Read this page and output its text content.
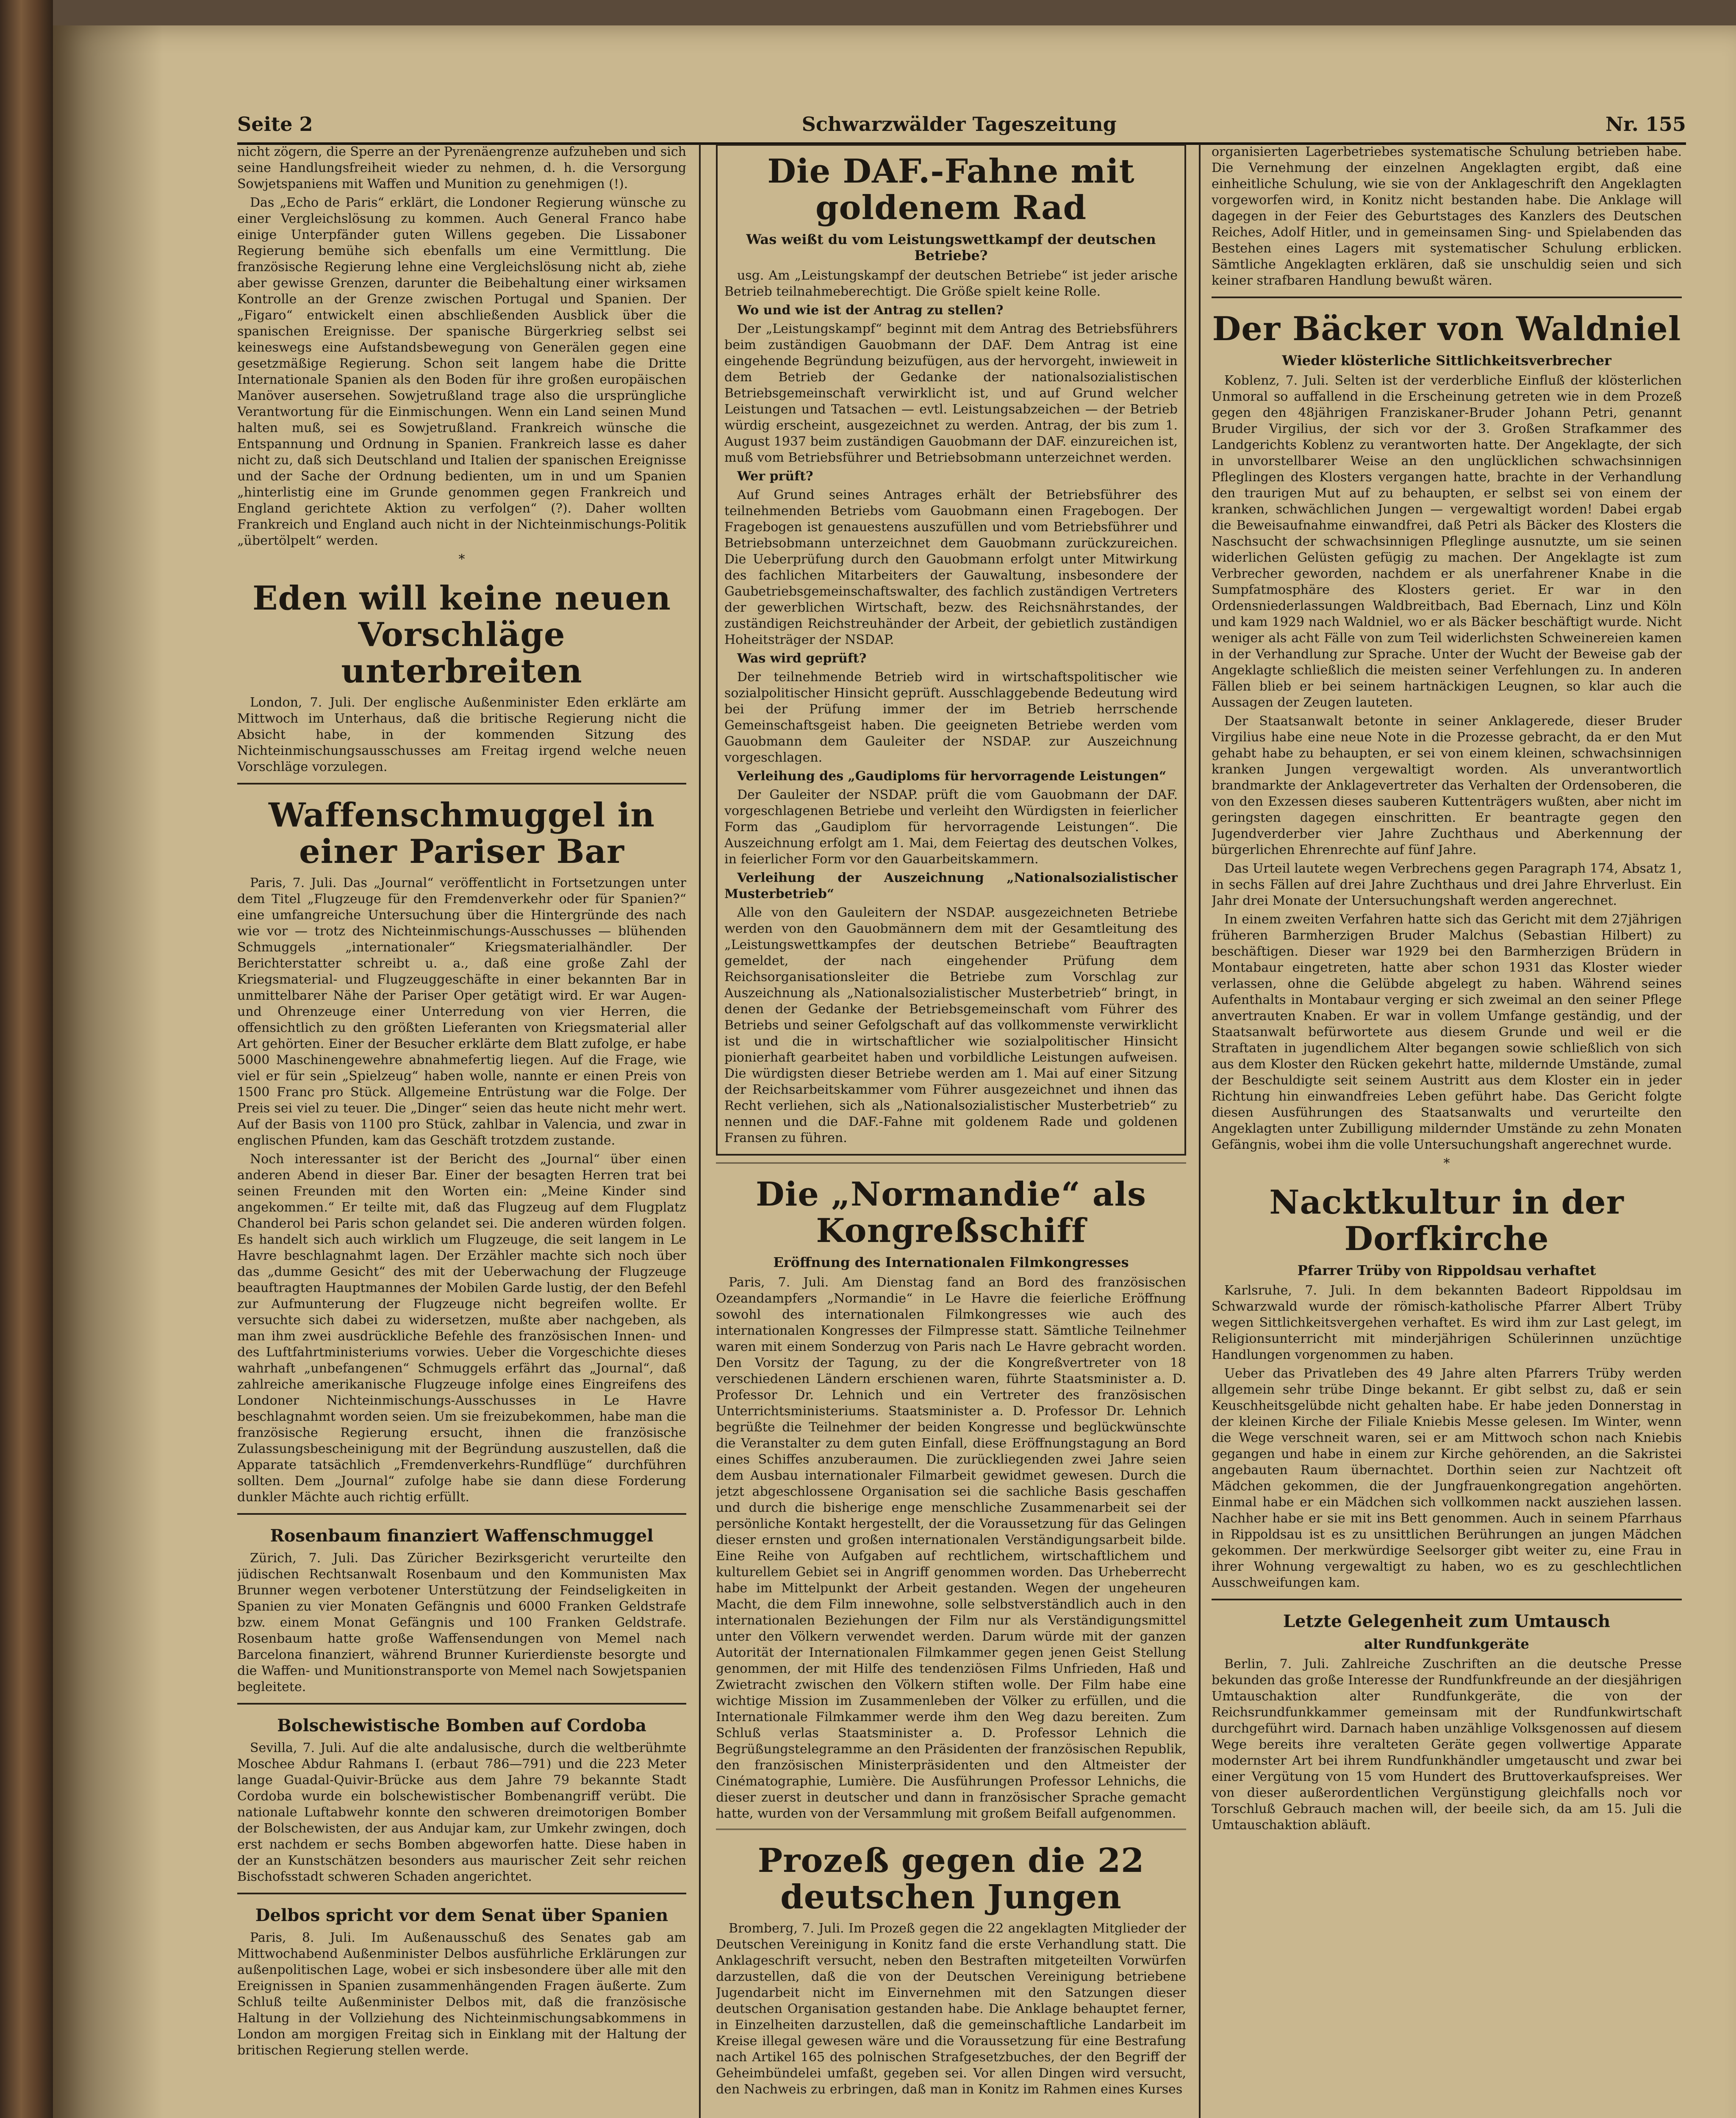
Seite 2	Schwarzwälder Tageszeitung	Nr. 155

nicht zögern, die Sperre an der Pyrenäengrenze aufzuheben und sich seine Handlungsfreiheit wieder zu nehmen, d. h. die Versorgung Sowjetspaniens mit Waffen und Munition zu genehmigen (!).

Das „Echo de Paris“ erklärt, die Londoner Regierung wünsche zu einer Vergleichslösung zu kommen. Auch General Franco habe einige Unterpfänder guten Willens gegeben. Die Lissaboner Regierung bemühe sich ebenfalls um eine Vermittlung. Die französische Regierung lehne eine Vergleichslösung nicht ab, ziehe aber gewisse Grenzen, darunter die Beibehaltung einer wirksamen Kontrolle an der Grenze zwischen Portugal und Spanien. Der „Figaro“ entwickelt einen abschließenden Ausblick über die spanischen Ereignisse. Der spanische Bürgerkrieg selbst sei keineswegs eine Aufstandsbewegung von Generälen gegen eine gesetzmäßige Regierung. Schon seit langem habe die Dritte Internationale Spanien als den Boden für ihre großen europäischen Manöver ausersehen. Sowjetrußland trage also die ursprüngliche Verantwortung für die Einmischungen. Wenn ein Land seinen Mund halten muß, sei es Sowjetrußland. Frankreich wünsche die Entspannung und Ordnung in Spanien. Frankreich lasse es daher nicht zu, daß sich Deutschland und Italien der spanischen Ereignisse und der Sache der Ordnung bedienten, um in und um Spanien „hinterlistig eine im Grunde genommen gegen Frankreich und England gerichtete Aktion zu verfolgen“ (?). Daher wollten Frankreich und England auch nicht in der Nichteinmischungs-Politik „übertölpelt“ werden.

*
Eden will keine neuen Vorschläge unterbreiten

London, 7. Juli. Der englische Außenminister Eden erklärte am Mittwoch im Unterhaus, daß die britische Regierung nicht die Absicht habe, in der kommenden Sitzung des Nichteinmischungsausschusses am Freitag irgend welche neuen Vorschläge vorzulegen.

Waffenschmuggel in einer Pariser Bar

Paris, 7. Juli. Das „Journal“ veröffentlicht in Fortsetzungen unter dem Titel „Flugzeuge für den Fremdenverkehr oder für Spanien?“ eine umfangreiche Untersuchung über die Hintergründe des nach wie vor — trotz des Nichteinmischungs-Ausschusses — blühenden Schmuggels „internationaler“ Kriegsmaterialhändler. Der Berichterstatter schreibt u. a., daß eine große Zahl der Kriegsmaterial- und Flugzeuggeschäfte in einer bekannten Bar in unmittelbarer Nähe der Pariser Oper getätigt wird. Er war Augen- und Ohrenzeuge einer Unterredung von vier Herren, die offensichtlich zu den größten Lieferanten von Kriegsmaterial aller Art gehörten. Einer der Besucher erklärte dem Blatt zufolge, er habe 5000 Maschinengewehre abnahmefertig liegen. Auf die Frage, wie viel er für sein „Spielzeug“ haben wolle, nannte er einen Preis von 1500 Franc pro Stück. Allgemeine Entrüstung war die Folge. Der Preis sei viel zu teuer. Die „Dinger“ seien das heute nicht mehr wert. Auf der Basis von 1100 pro Stück, zahlbar in Valencia, und zwar in englischen Pfunden, kam das Geschäft trotzdem zustande.

Noch interessanter ist der Bericht des „Journal“ über einen anderen Abend in dieser Bar. Einer der besagten Herren trat bei seinen Freunden mit den Worten ein: „Meine Kinder sind angekommen.“ Er teilte mit, daß das Flugzeug auf dem Flugplatz Chanderol bei Paris schon gelandet sei. Die anderen würden folgen. Es handelt sich auch wirklich um Flugzeuge, die seit langem in Le Havre beschlagnahmt lagen. Der Erzähler machte sich noch über das „dumme Gesicht“ des mit der Ueberwachung der Flugzeuge beauftragten Hauptmannes der Mobilen Garde lustig, der den Befehl zur Aufmunterung der Flugzeuge nicht begreifen wollte. Er versuchte sich dabei zu widersetzen, mußte aber nachgeben, als man ihm zwei ausdrückliche Befehle des französischen Innen- und des Luftfahrtministeriums vorwies. Ueber die Vorgeschichte dieses wahrhaft „unbefangenen“ Schmuggels erfährt das „Journal“, daß zahlreiche amerikanische Flugzeuge infolge eines Eingreifens des Londoner Nichteinmischungs-Ausschusses in Le Havre beschlagnahmt worden seien. Um sie freizubekommen, habe man die französische Regierung ersucht, ihnen die französische Zulassungsbescheinigung mit der Begründung auszustellen, daß die Apparate tatsächlich „Fremdenverkehrs-Rundflüge“ durchführen sollten. Dem „Journal“ zufolge habe sie dann diese Forderung dunkler Mächte auch richtig erfüllt.

Rosenbaum finanziert Waffenschmuggel

Zürich, 7. Juli. Das Züricher Bezirksgericht verurteilte den jüdischen Rechtsanwalt Rosenbaum und den Kommunisten Max Brunner wegen verbotener Unterstützung der Feindseligkeiten in Spanien zu vier Monaten Gefängnis und 6000 Franken Geldstrafe bzw. einem Monat Gefängnis und 100 Franken Geldstrafe. Rosenbaum hatte große Waffensendungen von Memel nach Barcelona finanziert, während Brunner Kurierdienste besorgte und die Waffen- und Munitionstransporte von Memel nach Sowjetspanien begleitete.

Bolschewistische Bomben auf Cordoba

Sevilla, 7. Juli. Auf die alte andalusische, durch die weltberühmte Moschee Abdur Rahmans I. (erbaut 786—791) und die 223 Meter lange Guadal-Quivir-Brücke aus dem Jahre 79 bekannte Stadt Cordoba wurde ein bolschewistischer Bombenangriff verübt. Die nationale Luftabwehr konnte den schweren dreimotorigen Bomber der Bolschewisten, der aus Andujar kam, zur Umkehr zwingen, doch erst nachdem er sechs Bomben abgeworfen hatte. Diese haben in der an Kunstschätzen besonders aus maurischer Zeit sehr reichen Bischofsstadt schweren Schaden angerichtet.

Delbos spricht vor dem Senat über Spanien

Paris, 8. Juli. Im Außenausschuß des Senates gab am Mittwochabend Außenminister Delbos ausführliche Erklärungen zur außenpolitischen Lage, wobei er sich insbesondere über alle mit den Ereignissen in Spanien zusammenhängenden Fragen äußerte. Zum Schluß teilte Außenminister Delbos mit, daß die französische Haltung in der Vollziehung des Nichteinmischungsabkommens in London am morgigen Freitag sich in Einklang mit der Haltung der britischen Regierung stellen werde.

Die DAF.-Fahne mit goldenem Rad
Was weißt du vom Leistungswettkampf der deutschen Betriebe?

usg. Am „Leistungskampf der deutschen Betriebe“ ist jeder arische Betrieb teilnahmeberechtigt. Die Größe spielt keine Rolle.

Wo und wie ist der Antrag zu stellen?

Der „Leistungskampf“ beginnt mit dem Antrag des Betriebsführers beim zuständigen Gauobmann der DAF. Dem Antrag ist eine eingehende Begründung beizufügen, aus der hervorgeht, inwieweit in dem Betrieb der Gedanke der nationalsozialistischen Betriebsgemeinschaft verwirklicht ist, und auf Grund welcher Leistungen und Tatsachen — evtl. Leistungsabzeichen — der Betrieb würdig erscheint, ausgezeichnet zu werden. Antrag, der bis zum 1. August 1937 beim zuständigen Gauobmann der DAF. einzureichen ist, muß vom Betriebsführer und Betriebsobmann unterzeichnet werden.

Wer prüft?

Auf Grund seines Antrages erhält der Betriebsführer des teilnehmenden Betriebs vom Gauobmann einen Fragebogen. Der Fragebogen ist genauestens auszufüllen und vom Betriebsführer und Betriebsobmann unterzeichnet dem Gauobmann zurückzureichen. Die Ueberprüfung durch den Gauobmann erfolgt unter Mitwirkung des fachlichen Mitarbeiters der Gauwaltung, insbesondere der Gaubetriebsgemeinschaftswalter, des fachlich zuständigen Vertreters der gewerblichen Wirtschaft, bezw. des Reichsnährstandes, der zuständigen Reichstreuhänder der Arbeit, der gebietlich zuständigen Hoheitsträger der NSDAP.

Was wird geprüft?

Der teilnehmende Betrieb wird in wirtschaftspolitischer wie sozialpolitischer Hinsicht geprüft. Ausschlaggebende Bedeutung wird bei der Prüfung immer der im Betrieb herrschende Gemeinschaftsgeist haben. Die geeigneten Betriebe werden vom Gauobmann dem Gauleiter der NSDAP. zur Auszeichnung vorgeschlagen.

Verleihung des „Gaudiploms für hervorragende Leistungen“

Der Gauleiter der NSDAP. prüft die vom Gauobmann der DAF. vorgeschlagenen Betriebe und verleiht den Würdigsten in feierlicher Form das „Gaudiplom für hervorragende Leistungen“. Die Auszeichnung erfolgt am 1. Mai, dem Feiertag des deutschen Volkes, in feierlicher Form vor den Gauarbeitskammern.

Verleihung der Auszeichnung „Nationalsozialistischer Musterbetrieb“

Alle von den Gauleitern der NSDAP. ausgezeichneten Betriebe werden von den Gauobmännern dem mit der Gesamtleitung des „Leistungswettkampfes der deutschen Betriebe“ Beauftragten gemeldet, der nach eingehender Prüfung dem Reichsorganisationsleiter die Betriebe zum Vorschlag zur Auszeichnung als „Nationalsozialistischer Musterbetrieb“ bringt, in denen der Gedanke der Betriebsgemeinschaft vom Führer des Betriebs und seiner Gefolgschaft auf das vollkommenste verwirklicht ist und die in wirtschaftlicher wie sozialpolitischer Hinsicht pionierhaft gearbeitet haben und vorbildliche Leistungen aufweisen. Die würdigsten dieser Betriebe werden am 1. Mai auf einer Sitzung der Reichsarbeitskammer vom Führer ausgezeichnet und ihnen das Recht verliehen, sich als „Nationalsozialistischer Musterbetrieb“ zu nennen und die DAF.-Fahne mit goldenem Rade und goldenen Fransen zu führen.

Die „Normandie“ als Kongreßschiff
Eröffnung des Internationalen Filmkongresses

Paris, 7. Juli. Am Dienstag fand an Bord des französischen Ozeandampfers „Normandie“ in Le Havre die feierliche Eröffnung sowohl des internationalen Filmkongresses wie auch des internationalen Kongresses der Filmpresse statt. Sämtliche Teilnehmer waren mit einem Sonderzug von Paris nach Le Havre gebracht worden. Den Vorsitz der Tagung, zu der die Kongreßvertreter von 18 verschiedenen Ländern erschienen waren, führte Staatsminister a. D. Professor Dr. Lehnich und ein Vertreter des französischen Unterrichtsministeriums. Staatsminister a. D. Professor Dr. Lehnich begrüßte die Teilnehmer der beiden Kongresse und beglückwünschte die Veranstalter zu dem guten Einfall, diese Eröffnungstagung an Bord eines Schiffes anzuberaumen. Die zurückliegenden zwei Jahre seien dem Ausbau internationaler Filmarbeit gewidmet gewesen. Durch die jetzt abgeschlossene Organisation sei die sachliche Basis geschaffen und durch die bisherige enge menschliche Zusammenarbeit sei der persönliche Kontakt hergestellt, der die Voraussetzung für das Gelingen dieser ernsten und großen internationalen Verständigungsarbeit bilde. Eine Reihe von Aufgaben auf rechtlichem, wirtschaftlichem und kulturellem Gebiet sei in Angriff genommen worden. Das Urheberrecht habe im Mittelpunkt der Arbeit gestanden. Wegen der ungeheuren Macht, die dem Film innewohne, solle selbstverständlich auch in den internationalen Beziehungen der Film nur als Verständigungsmittel unter den Völkern verwendet werden. Darum würde mit der ganzen Autorität der Internationalen Filmkammer gegen jenen Geist Stellung genommen, der mit Hilfe des tendenziösen Films Unfrieden, Haß und Zwietracht zwischen den Völkern stiften wolle. Der Film habe eine wichtige Mission im Zusammenleben der Völker zu erfüllen, und die Internationale Filmkammer werde ihm den Weg dazu bereiten. Zum Schluß verlas Staatsminister a. D. Professor Lehnich die Begrüßungstelegramme an den Präsidenten der französischen Republik, den französischen Ministerpräsidenten und den Altmeister der Cinématographie, Lumière. Die Ausführungen Professor Lehnichs, die dieser zuerst in deutscher und dann in französischer Sprache gemacht hatte, wurden von der Versammlung mit großem Beifall aufgenommen.

Prozeß gegen die 22 deutschen Jungen

Bromberg, 7. Juli. Im Prozeß gegen die 22 angeklagten Mitglieder der Deutschen Vereinigung in Konitz fand die erste Verhandlung statt. Die Anklageschrift versucht, neben den Bestraften mitgeteilten Vorwürfen darzustellen, daß die von der Deutschen Vereinigung betriebene Jugendarbeit nicht im Einvernehmen mit den Satzungen dieser deutschen Organisation gestanden habe. Die Anklage behauptet ferner, in Einzelheiten darzustellen, daß die gemeinschaftliche Landarbeit im Kreise illegal gewesen wäre und die Voraussetzung für eine Bestrafung nach Artikel 165 des polnischen Strafgesetzbuches, der den Begriff der Geheimbündelei umfaßt, gegeben sei. Vor allen Dingen wird versucht, den Nachweis zu erbringen, daß man in Konitz im Rahmen eines Kurses

organisierten Lagerbetriebes systematische Schulung betrieben habe. Die Vernehmung der einzelnen Angeklagten ergibt, daß eine einheitliche Schulung, wie sie von der Anklageschrift den Angeklagten vorgeworfen wird, in Konitz nicht bestanden habe. Die Anklage will dagegen in der Feier des Geburtstages des Kanzlers des Deutschen Reiches, Adolf Hitler, und in gemeinsamen Sing- und Spielabenden das Bestehen eines Lagers mit systematischer Schulung erblicken. Sämtliche Angeklagten erklären, daß sie unschuldig seien und sich keiner strafbaren Handlung bewußt wären.

Der Bäcker von Waldniel
Wieder klösterliche Sittlichkeitsverbrecher

Koblenz, 7. Juli. Selten ist der verderbliche Einfluß der klösterlichen Unmoral so auffallend in die Erscheinung getreten wie in dem Prozeß gegen den 48jährigen Franziskaner-Bruder Johann Petri, genannt Bruder Virgilius, der sich vor der 3. Großen Strafkammer des Landgerichts Koblenz zu verantworten hatte. Der Angeklagte, der sich in unvorstellbarer Weise an den unglücklichen schwachsinnigen Pfleglingen des Klosters vergangen hatte, brachte in der Verhandlung den traurigen Mut auf zu behaupten, er selbst sei von einem der kranken, schwächlichen Jungen — vergewaltigt worden! Dabei ergab die Beweisaufnahme einwandfrei, daß Petri als Bäcker des Klosters die Naschsucht der schwachsinnigen Pfleglinge ausnutzte, um sie seinen widerlichen Gelüsten gefügig zu machen. Der Angeklagte ist zum Verbrecher geworden, nachdem er als unerfahrener Knabe in die Sumpfatmosphäre des Klosters geriet. Er war in den Ordensniederlassungen Waldbreitbach, Bad Ebernach, Linz und Köln und kam 1929 nach Waldniel, wo er als Bäcker beschäftigt wurde. Nicht weniger als acht Fälle von zum Teil widerlichsten Schweinereien kamen in der Verhandlung zur Sprache. Unter der Wucht der Beweise gab der Angeklagte schließlich die meisten seiner Verfehlungen zu. In anderen Fällen blieb er bei seinem hartnäckigen Leugnen, so klar auch die Aussagen der Zeugen lauteten.

Der Staatsanwalt betonte in seiner Anklagerede, dieser Bruder Virgilius habe eine neue Note in die Prozesse gebracht, da er den Mut gehabt habe zu behaupten, er sei von einem kleinen, schwachsinnigen kranken Jungen vergewaltigt worden. Als unverantwortlich brandmarkte der Anklagevertreter das Verhalten der Ordensoberen, die von den Exzessen dieses sauberen Kuttenträgers wußten, aber nicht im geringsten dagegen einschritten. Er beantragte gegen den Jugendverderber vier Jahre Zuchthaus und Aberkennung der bürgerlichen Ehrenrechte auf fünf Jahre.

Das Urteil lautete wegen Verbrechens gegen Paragraph 174, Absatz 1, in sechs Fällen auf drei Jahre Zuchthaus und drei Jahre Ehrverlust. Ein Jahr drei Monate der Untersuchungshaft werden angerechnet.

In einem zweiten Verfahren hatte sich das Gericht mit dem 27jährigen früheren Barmherzigen Bruder Malchus (Sebastian Hilbert) zu beschäftigen. Dieser war 1929 bei den Barmherzigen Brüdern in Montabaur eingetreten, hatte aber schon 1931 das Kloster wieder verlassen, ohne die Gelübde abgelegt zu haben. Während seines Aufenthalts in Montabaur verging er sich zweimal an den seiner Pflege anvertrauten Knaben. Er war in vollem Umfange geständig, und der Staatsanwalt befürwortete aus diesem Grunde und weil er die Straftaten in jugendlichem Alter begangen sowie schließlich von sich aus dem Kloster den Rücken gekehrt hatte, mildernde Umstände, zumal der Beschuldigte seit seinem Austritt aus dem Kloster ein in jeder Richtung hin einwandfreies Leben geführt habe. Das Gericht folgte diesen Ausführungen des Staatsanwalts und verurteilte den Angeklagten unter Zubilligung mildernder Umstände zu zehn Monaten Gefängnis, wobei ihm die volle Untersuchungshaft angerechnet wurde.

*
Nacktkultur in der Dorfkirche
Pfarrer Trüby von Rippoldsau verhaftet

Karlsruhe, 7. Juli. In dem bekannten Badeort Rippoldsau im Schwarzwald wurde der römisch-katholische Pfarrer Albert Trüby wegen Sittlichkeitsvergehen verhaftet. Es wird ihm zur Last gelegt, im Religionsunterricht mit minderjährigen Schülerinnen unzüchtige Handlungen vorgenommen zu haben.

Ueber das Privatleben des 49 Jahre alten Pfarrers Trüby werden allgemein sehr trübe Dinge bekannt. Er gibt selbst zu, daß er sein Keuschheitsgelübde nicht gehalten habe. Er habe jeden Donnerstag in der kleinen Kirche der Filiale Kniebis Messe gelesen. Im Winter, wenn die Wege verschneit waren, sei er am Mittwoch schon nach Kniebis gegangen und habe in einem zur Kirche gehörenden, an die Sakristei angebauten Raum übernachtet. Dorthin seien zur Nachtzeit oft Mädchen gekommen, die der Jungfrauenkongregation angehörten. Einmal habe er ein Mädchen sich vollkommen nackt ausziehen lassen. Nachher habe er sie mit ins Bett genommen. Auch in seinem Pfarrhaus in Rippoldsau ist es zu unsittlichen Berührungen an jungen Mädchen gekommen. Der merkwürdige Seelsorger gibt weiter zu, eine Frau in ihrer Wohnung vergewaltigt zu haben, wo es zu geschlechtlichen Ausschweifungen kam.

Letzte Gelegenheit zum Umtausch
alter Rundfunkgeräte

Berlin, 7. Juli. Zahlreiche Zuschriften an die deutsche Presse bekunden das große Interesse der Rundfunkfreunde an der diesjährigen Umtauschaktion alter Rundfunkgeräte, die von der Reichsrundfunkkammer gemeinsam mit der Rundfunkwirtschaft durchgeführt wird. Darnach haben unzählige Volksgenossen auf diesem Wege bereits ihre veralteten Geräte gegen vollwertige Apparate modernster Art bei ihrem Rundfunkhändler umgetauscht und zwar bei einer Vergütung von 15 vom Hundert des Bruttoverkaufspreises. Wer von dieser außerordentlichen Vergünstigung gleichfalls noch vor Torschluß Gebrauch machen will, der beeile sich, da am 15. Juli die Umtauschaktion abläuft.
